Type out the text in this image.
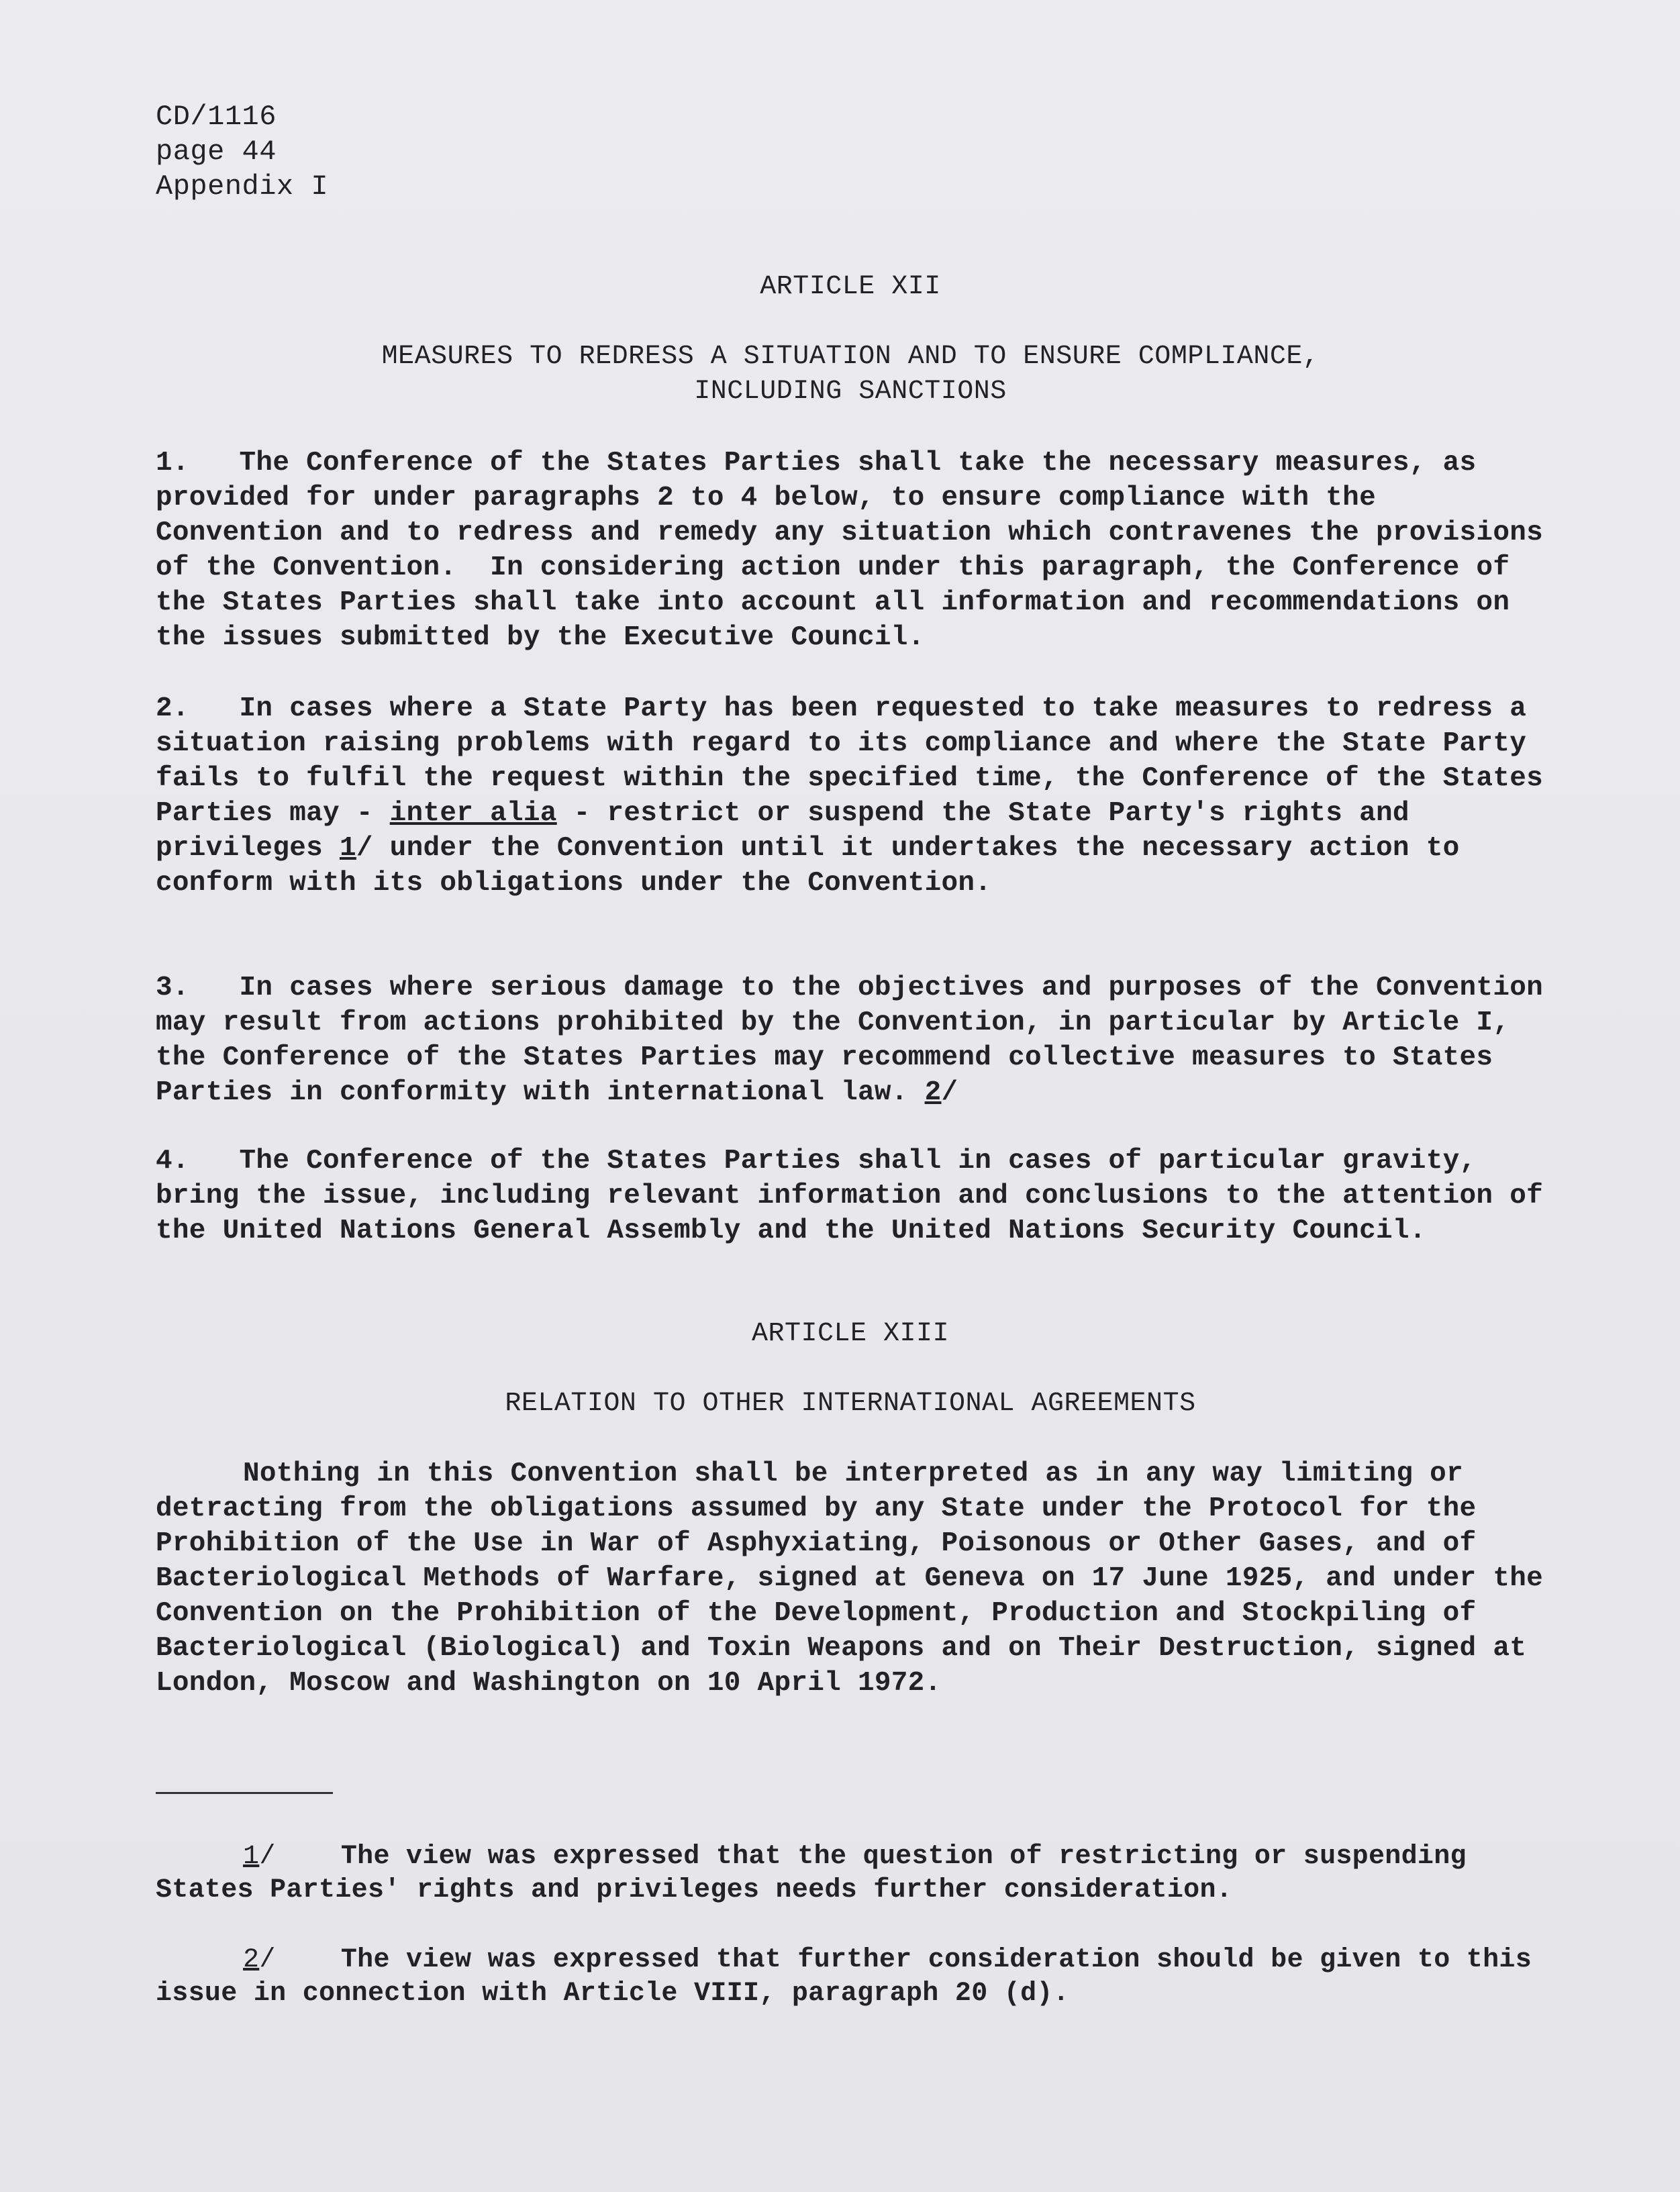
CD/1116
page 44
Appendix I
ARTICLE XII
MEASURES TO REDRESS A SITUATION AND TO ENSURE COMPLIANCE,
INCLUDING SANCTIONS

1.   The Conference of the States Parties shall take the necessary measures, as provided for under paragraphs 2 to 4 below, to ensure compliance with the Convention and to redress and remedy any situation which contravenes the provisions of the Convention.  In considering action under this paragraph, the Conference of the States Parties shall take into account all information and recommendations on the issues submitted by the Executive Council.

2.   In cases where a State Party has been requested to take measures to redress a situation raising problems with regard to its compliance and where the State Party fails to fulfil the request within the specified time, the Conference of the States Parties may - inter alia - restrict or suspend the State Party's rights and privileges 1/ under the Convention until it undertakes the necessary action to conform with its obligations under the Convention.

3.   In cases where serious damage to the objectives and purposes of the Convention may result from actions prohibited by the Convention, in particular by Article I, the Conference of the States Parties may recommend collective measures to States Parties in conformity with international law. 2/

4.   The Conference of the States Parties shall in cases of particular gravity, bring the issue, including relevant information and conclusions to the attention of the United Nations General Assembly and the United Nations Security Council.

ARTICLE XIII
RELATION TO OTHER INTERNATIONAL AGREEMENTS

Nothing in this Convention shall be interpreted as in any way limiting or detracting from the obligations assumed by any State under the Protocol for the Prohibition of the Use in War of Asphyxiating, Poisonous or Other Gases, and of Bacteriological Methods of Warfare, signed at Geneva on 17 June 1925, and under the Convention on the Prohibition of the Development, Production and Stockpiling of Bacteriological (Biological) and Toxin Weapons and on Their Destruction, signed at London, Moscow and Washington on 10 April 1972.

1/    The view was expressed that the question of restricting or suspending States Parties' rights and privileges needs further consideration.

2/    The view was expressed that further consideration should be given to this issue in connection with Article VIII, paragraph 20 (d).
